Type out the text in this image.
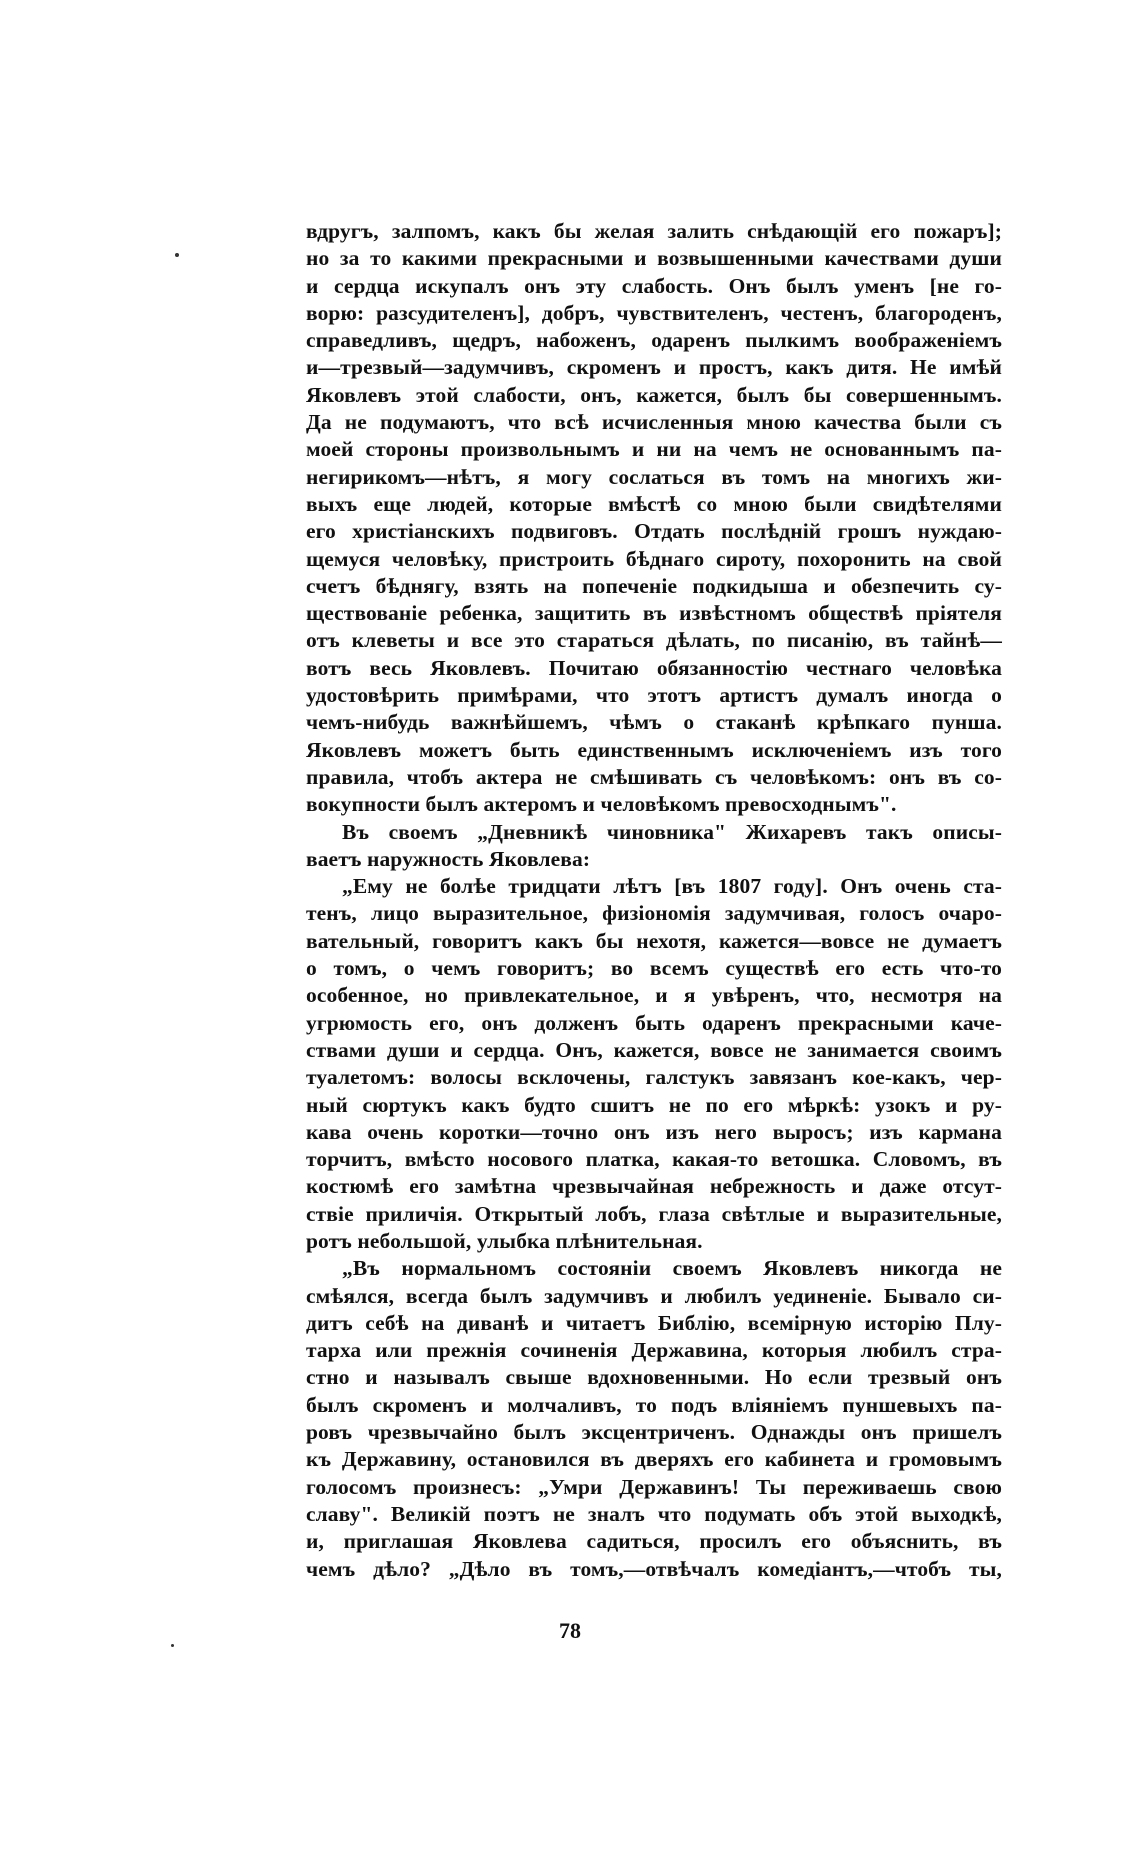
вдругъ, залпомъ, какъ бы желая залить снѣдающій его пожаръ];
но за то какими прекрасными и возвышенными качествами души
и сердца искупалъ онъ эту слабость. Онъ былъ уменъ [не го-
ворю: разсудителенъ], добръ, чувствителенъ, честенъ, благороденъ,
справедливъ, щедръ, набоженъ, одаренъ пылкимъ воображеніемъ
и—трезвый—задумчивъ, скроменъ и простъ, какъ дитя. Не имѣй
Яковлевъ этой слабости, онъ, кажется, былъ бы совершеннымъ.
Да не подумаютъ, что всѣ исчисленныя мною качества были съ
моей стороны произвольнымъ и ни на чемъ не основаннымъ па-
негирикомъ—нѣтъ, я могу сослаться въ томъ на многихъ жи-
выхъ еще людей, которые вмѣстѣ со мною были свидѣтелями
его христіанскихъ подвиговъ. Отдать послѣдній грошъ нуждаю-
щемуся человѣку, пристроить бѣднаго сироту, похоронить на свой
счетъ бѣднягу, взять на попеченіе подкидыша и обезпечить су-
ществованіе ребенка, защитить въ извѣстномъ обществѣ пріятеля
отъ клеветы и все это стараться дѣлать, по писанію, въ тайнѣ—
вотъ весь Яковлевъ. Почитаю обязанностію честнаго человѣка
удостовѣрить примѣрами, что этотъ артистъ думалъ иногда о
чемъ-нибудь важнѣйшемъ, чѣмъ о стаканѣ крѣпкаго пунша.
Яковлевъ можетъ быть единственнымъ исключеніемъ изъ того
правила, чтобъ актера не смѣшивать съ человѣкомъ: онъ въ со-
вокупности былъ актеромъ и человѣкомъ превосходнымъ".
Въ своемъ „Дневникѣ чиновника" Жихаревъ такъ описы-
ваетъ наружность Яковлева:
„Ему не болѣе тридцати лѣтъ [въ 1807 году]. Онъ очень ста-
тенъ, лицо выразительное, физіономія задумчивая, голосъ очаро-
вательный, говоритъ какъ бы нехотя, кажется—вовсе не думаетъ
о томъ, о чемъ говоритъ; во всемъ существѣ его есть что-то
особенное, но привлекательное, и я увѣренъ, что, несмотря на
угрюмость его, онъ долженъ быть одаренъ прекрасными каче-
ствами души и сердца. Онъ, кажется, вовсе не занимается своимъ
туалетомъ: волосы всклочены, галстукъ завязанъ кое-какъ, чер-
ный сюртукъ какъ будто сшитъ не по его мѣркѣ: узокъ и ру-
кава очень коротки—точно онъ изъ него выросъ; изъ кармана
торчитъ, вмѣсто носового платка, какая-то ветошка. Словомъ, въ
костюмѣ его замѣтна чрезвычайная небрежность и даже отсут-
ствіе приличія. Открытый лобъ, глаза свѣтлые и выразительные,
ротъ небольшой, улыбка плѣнительная.
„Въ нормальномъ состояніи своемъ Яковлевъ никогда не
смѣялся, всегда былъ задумчивъ и любилъ уединеніе. Бывало си-
дитъ себѣ на диванѣ и читаетъ Библію, всемірную исторію Плу-
тарха или прежнія сочиненія Державина, которыя любилъ стра-
стно и называлъ свыше вдохновенными. Но если трезвый онъ
былъ скроменъ и молчаливъ, то подъ вліяніемъ пуншевыхъ па-
ровъ чрезвычайно былъ эксцентриченъ. Однажды онъ пришелъ
къ Державину, остановился въ дверяхъ его кабинета и громовымъ
голосомъ произнесъ: „Умри Державинъ! Ты переживаешь свою
славу". Великій поэтъ не зналъ что подумать объ этой выходкѣ,
и, приглашая Яковлева садиться, просилъ его объяснить, въ
чемъ дѣло? „Дѣло въ томъ,—отвѣчалъ комедіантъ,—чтобъ ты,
78
